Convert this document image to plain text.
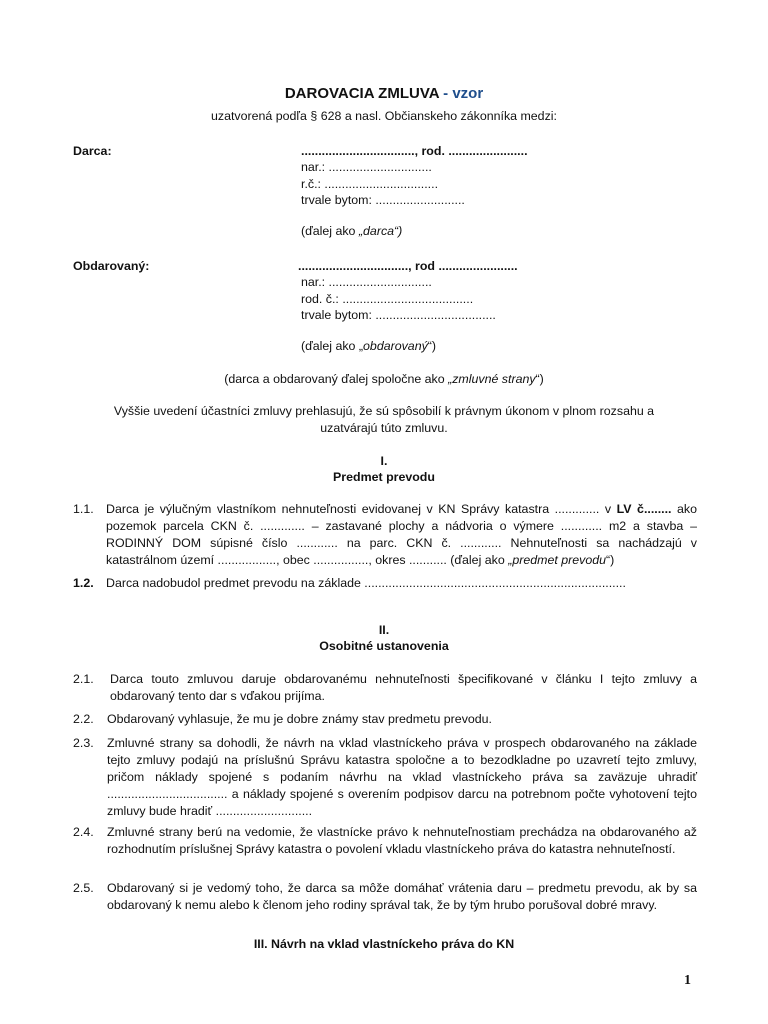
DAROVACIA ZMLUVA - vzor
uzatvorená podľa § 628 a nasl. Občianskeho zákonníka medzi:
Darca:	................................., rod. .......................
nar.: ..............................
r.č.: .................................
trvale bytom: ..........................
(ďalej ako „darca“)
Obdarovaný:	................................, rod .......................
nar.: ..............................
rod. č.: ......................................
trvale bytom: ...................................
(ďalej ako „obdarovaný“)
(darca a obdarovaný ďalej spoločne ako „zmluvné strany“)
Vyššie uvedení účastníci zmluvy prehlasujú, že sú spôsobilí k právnym úkonom v plnom rozsahu a uzatvárajú túto zmluvu.
I.
Predmet prevodu
1.1. Darca je výlučným vlastníkom nehnuteľnosti evidovanej v KN Správy katastra ............. v LV č........ ako pozemok parcela CKN č. ............. – zastavané plochy a nádvoria o výmere ............ m2 a stavba – RODINNÝ DOM súpisné číslo ............ na parc. CKN č. ............ Nehnuteľnosti sa nachádzajú v katastrálnom území ................., obec ................, okres ........... (ďalej ako „predmet prevodu“)
1.2. Darca nadobudol predmet prevodu na základe ............................................................................
II.
Osobitné ustanovenia
2.1. Darca touto zmluvou daruje obdarovanému nehnuteľnosti špecifikované v článku I tejto zmluvy a obdarovaný tento dar s vďakou prijíma.
2.2. Obdarovaný vyhlasuje, že mu je dobre známy stav predmetu prevodu.
2.3. Zmluvné strany sa dohodli, že návrh na vklad vlastníckeho práva v prospech obdarovaného na základe tejto zmluvy podajú na príslušnú Správu katastra spoločne a to bezodkladne po uzavretí tejto zmluvy, pričom náklady spojené s podaním návrhu na vklad vlastníckeho práva sa zaväzuje uhradiť ................................... a náklady spojené s overením podpisov darcu na potrebnom počte vyhotovení tejto zmluvy bude hradiť ............................
2.4. Zmluvné strany berú na vedomie, že vlastnícke právo k nehnuteľnostiam prechádza na obdarovaného až rozhodnutím príslušnej Správy katastra o povolení vkladu vlastníckeho práva do katastra nehnuteľností.
2.5. Obdarovaný si je vedomý toho, že darca sa môže domáhať vrátenia daru – predmetu prevodu, ak by sa obdarovaný k nemu alebo k členom jeho rodiny správal tak, že by tým hrubo porušoval dobré mravy.
III. Návrh na vklad vlastníckeho práva do KN
1
